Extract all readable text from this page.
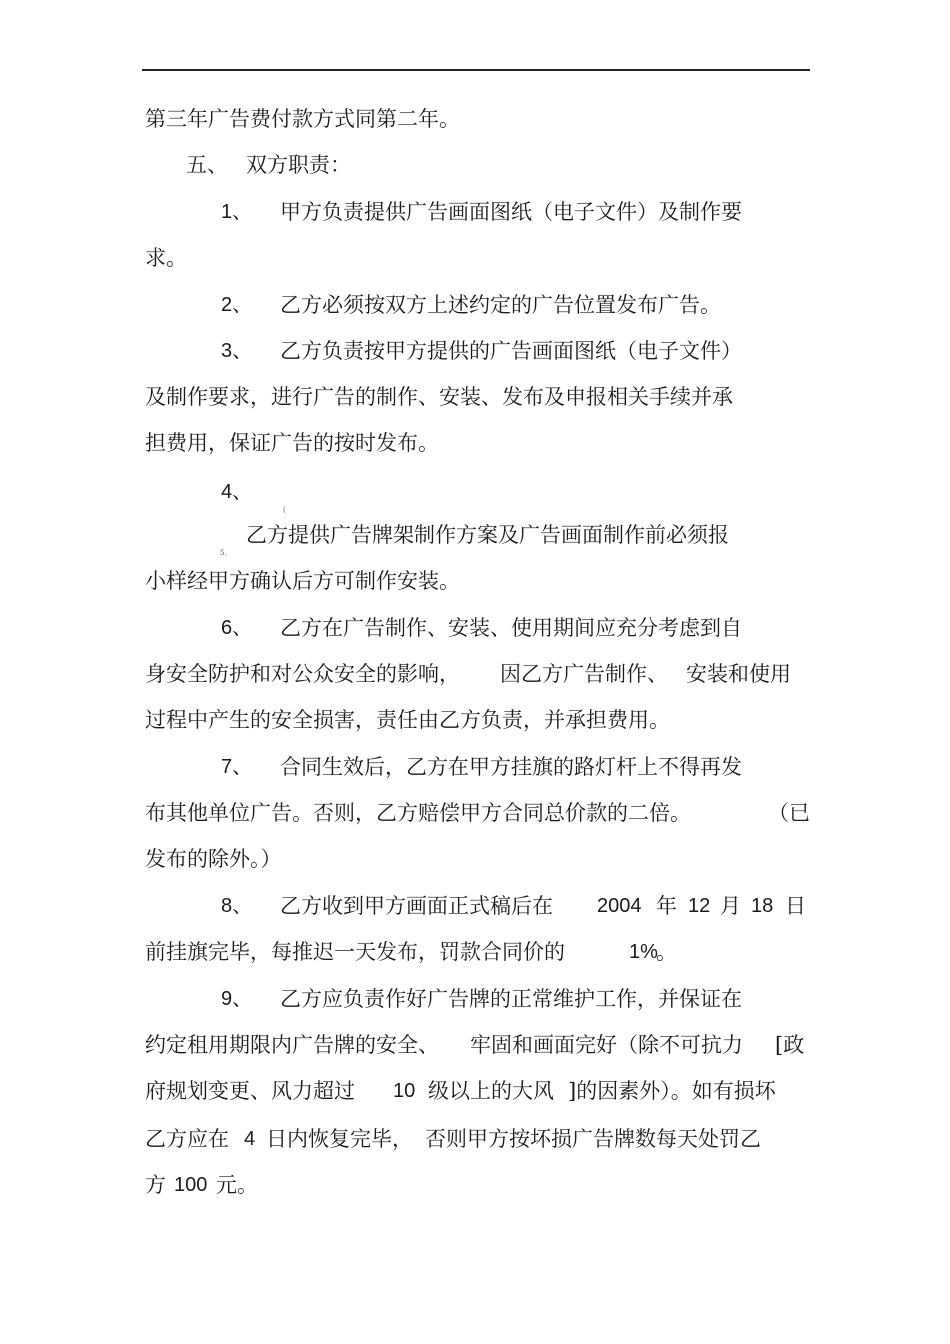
第三年广告费付款方式同第二年。
五、 双方职责：
1、 甲方负责提供广告画面图纸（电子文件）及制作要
求。
2、 乙方必须按双方上述约定的广告位置发布广告。
3、 乙方负责按甲方提供的广告画面图纸（电子文件）
及制作要求，进行广告的制作、安装、发布及申报相关手续并承
担费用，保证广告的按时发布。
4、
(
5、
乙方提供广告牌架制作方案及广告画面制作前必须报
小样经甲方确认后方可制作安装。
6、 乙方在广告制作、安装、使用期间应充分考虑到自
身安全防护和对公众安全的影响， 因乙方广告制作、 安装和使用
过程中产生的安全损害，责任由乙方负责，并承担费用。
7、 合同生效后，乙方在甲方挂旗的路灯杆上不得再发
布其他单位广告。否则，乙方赔偿甲方合同总价款的二倍。	（已
发布的除外。）
8、 乙方收到甲方画面正式稿后在 2004 年 12 月 18 日
前挂旗完毕，每推迟一天发布，罚款合同价的	1%
。
9、 乙方应负责作好广告牌的正常维护工作，并保证在
约定租用期限内广告牌的安全、 牢固和画面完好（除不可抗力 [政
府规划变更、风力超过 10 级以上的大风 ]的因素外）。如有损坏
乙方应在 4 日内恢复完毕， 否则甲方按坏损广告牌数每天处罚乙
方 100 元。
